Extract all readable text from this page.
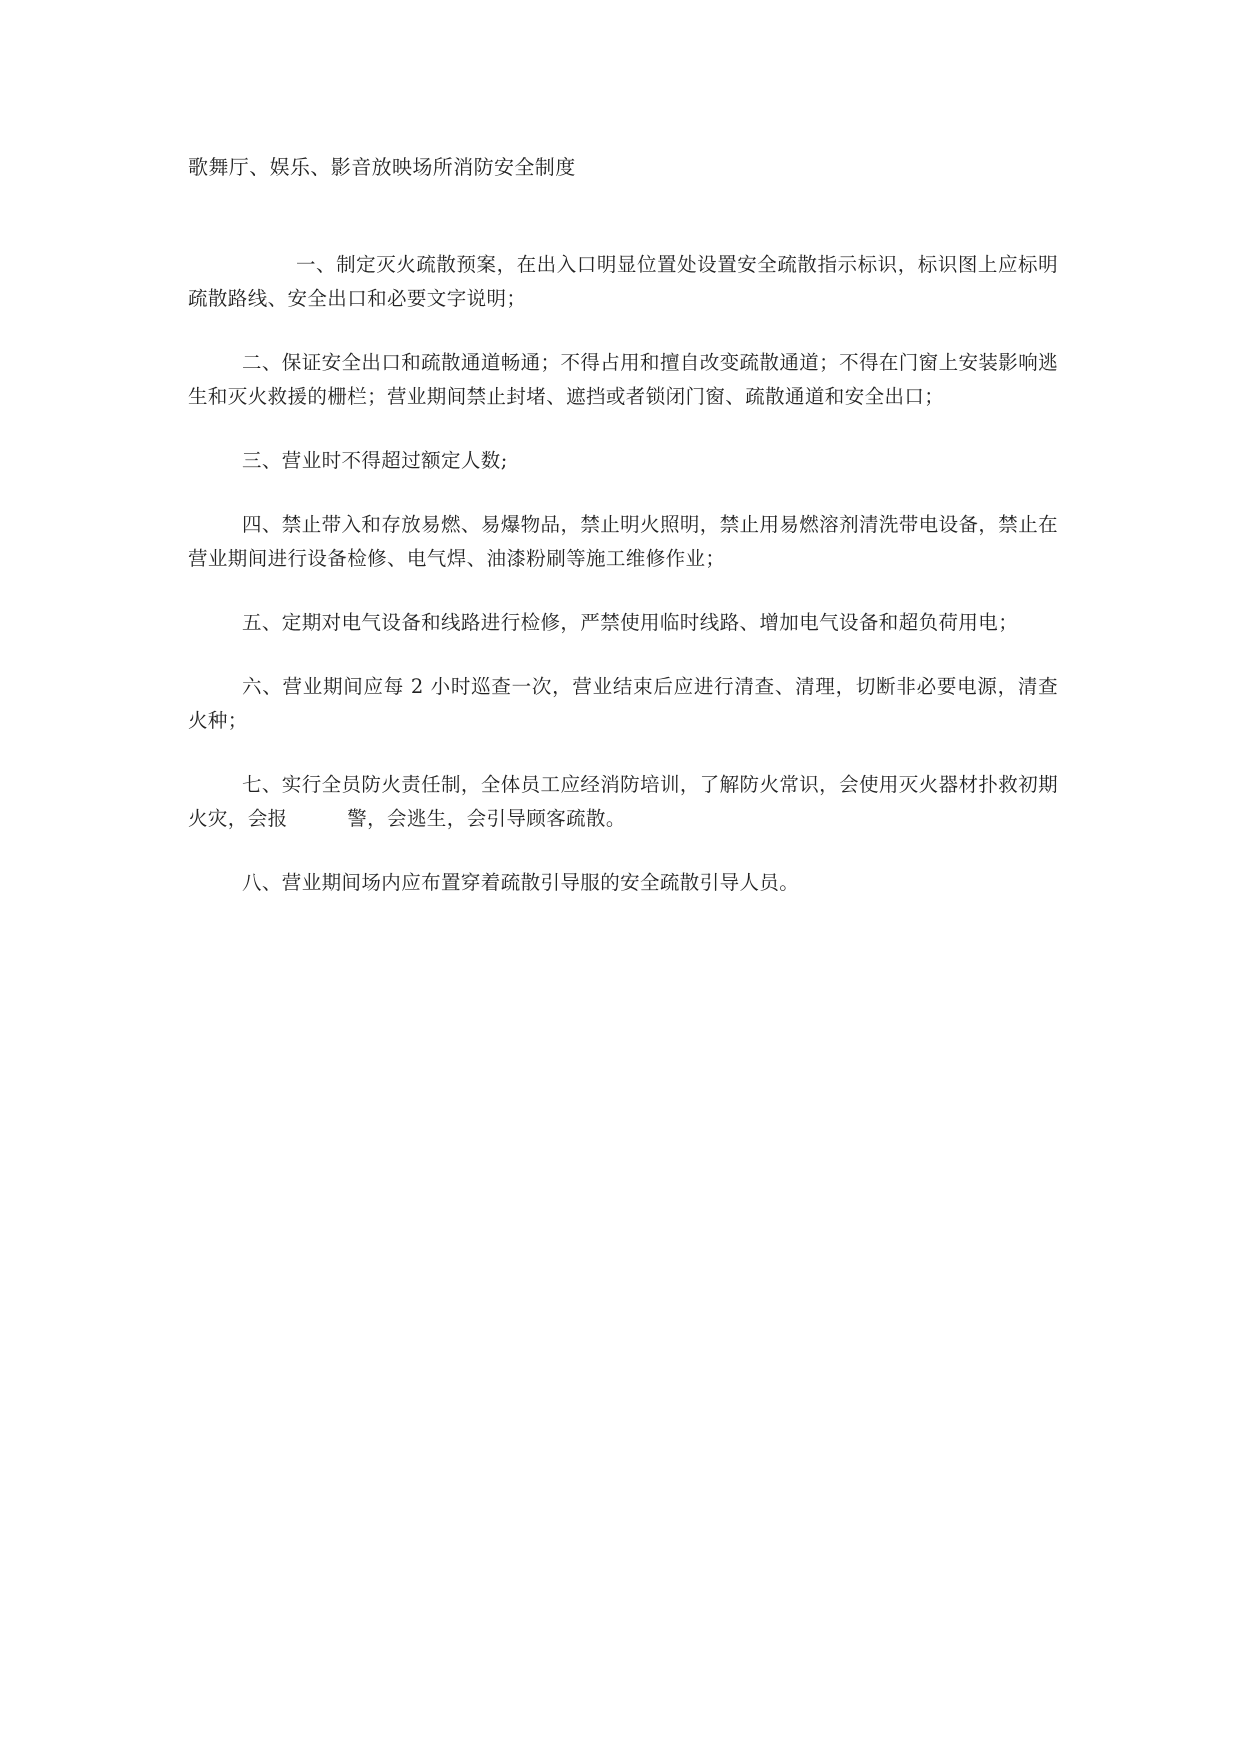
歌舞厅、娱乐、影音放映场所消防安全制度

一、制定灭火疏散预案，在出入口明显位置处设置安全疏散指示标识，标识图上应标明疏散路线、安全出口和必要文字说明；

二、保证安全出口和疏散通道畅通；不得占用和擅自改变疏散通道；不得在门窗上安装影响逃生和灭火救援的栅栏；营业期间禁止封堵、遮挡或者锁闭门窗、疏散通道和安全出口；

三、营业时不得超过额定人数;

四、禁止带入和存放易燃、易爆物品，禁止明火照明，禁止用易燃溶剂清洗带电设备，禁止在营业期间进行设备检修、电气焊、油漆粉刷等施工维修作业；

五、定期对电气设备和线路进行检修，严禁使用临时线路、增加电气设备和超负荷用电；

六、营业期间应每 2 小时巡查一次，营业结束后应进行清查、清理，切断非必要电源，清查火种；

七、实行全员防火责任制，全体员工应经消防培训，了解防火常识，会使用灭火器材扑救初期火灾，会报　　　警，会逃生，会引导顾客疏散。

八、营业期间场内应布置穿着疏散引导服的安全疏散引导人员。
